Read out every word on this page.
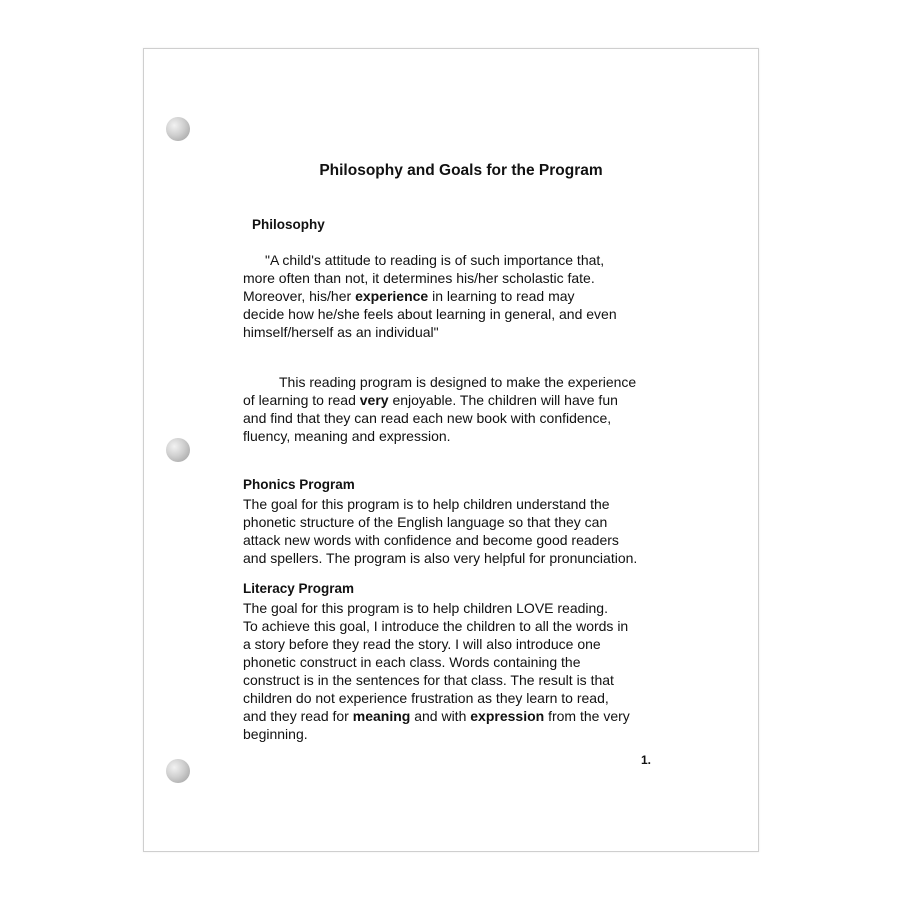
Philosophy and Goals for the Program
Philosophy

"A child's attitude to reading is of such importance that,
more often than not, it determines his/her scholastic fate.
Moreover, his/her experience in learning to read may
decide how he/she feels about learning in general, and even
himself/herself as an individual"

This reading program is designed to make the experience
of learning to read very enjoyable. The children will have fun
and find that they can read each new book with confidence,
fluency, meaning and expression.

Phonics Program

The goal for this program is to help children understand the
phonetic structure of the English language so that they can
attack new words with confidence and become good readers
and spellers. The program is also very helpful for pronunciation.

Literacy Program

The goal for this program is to help children LOVE reading.
To achieve this goal, I introduce the children to all the words in
a story before they read the story. I will also introduce one
phonetic construct in each class. Words containing the
construct is in the sentences for that class. The result is that
children do not experience frustration as they learn to read,
and they read for meaning and with expression from the very
beginning.

1.
